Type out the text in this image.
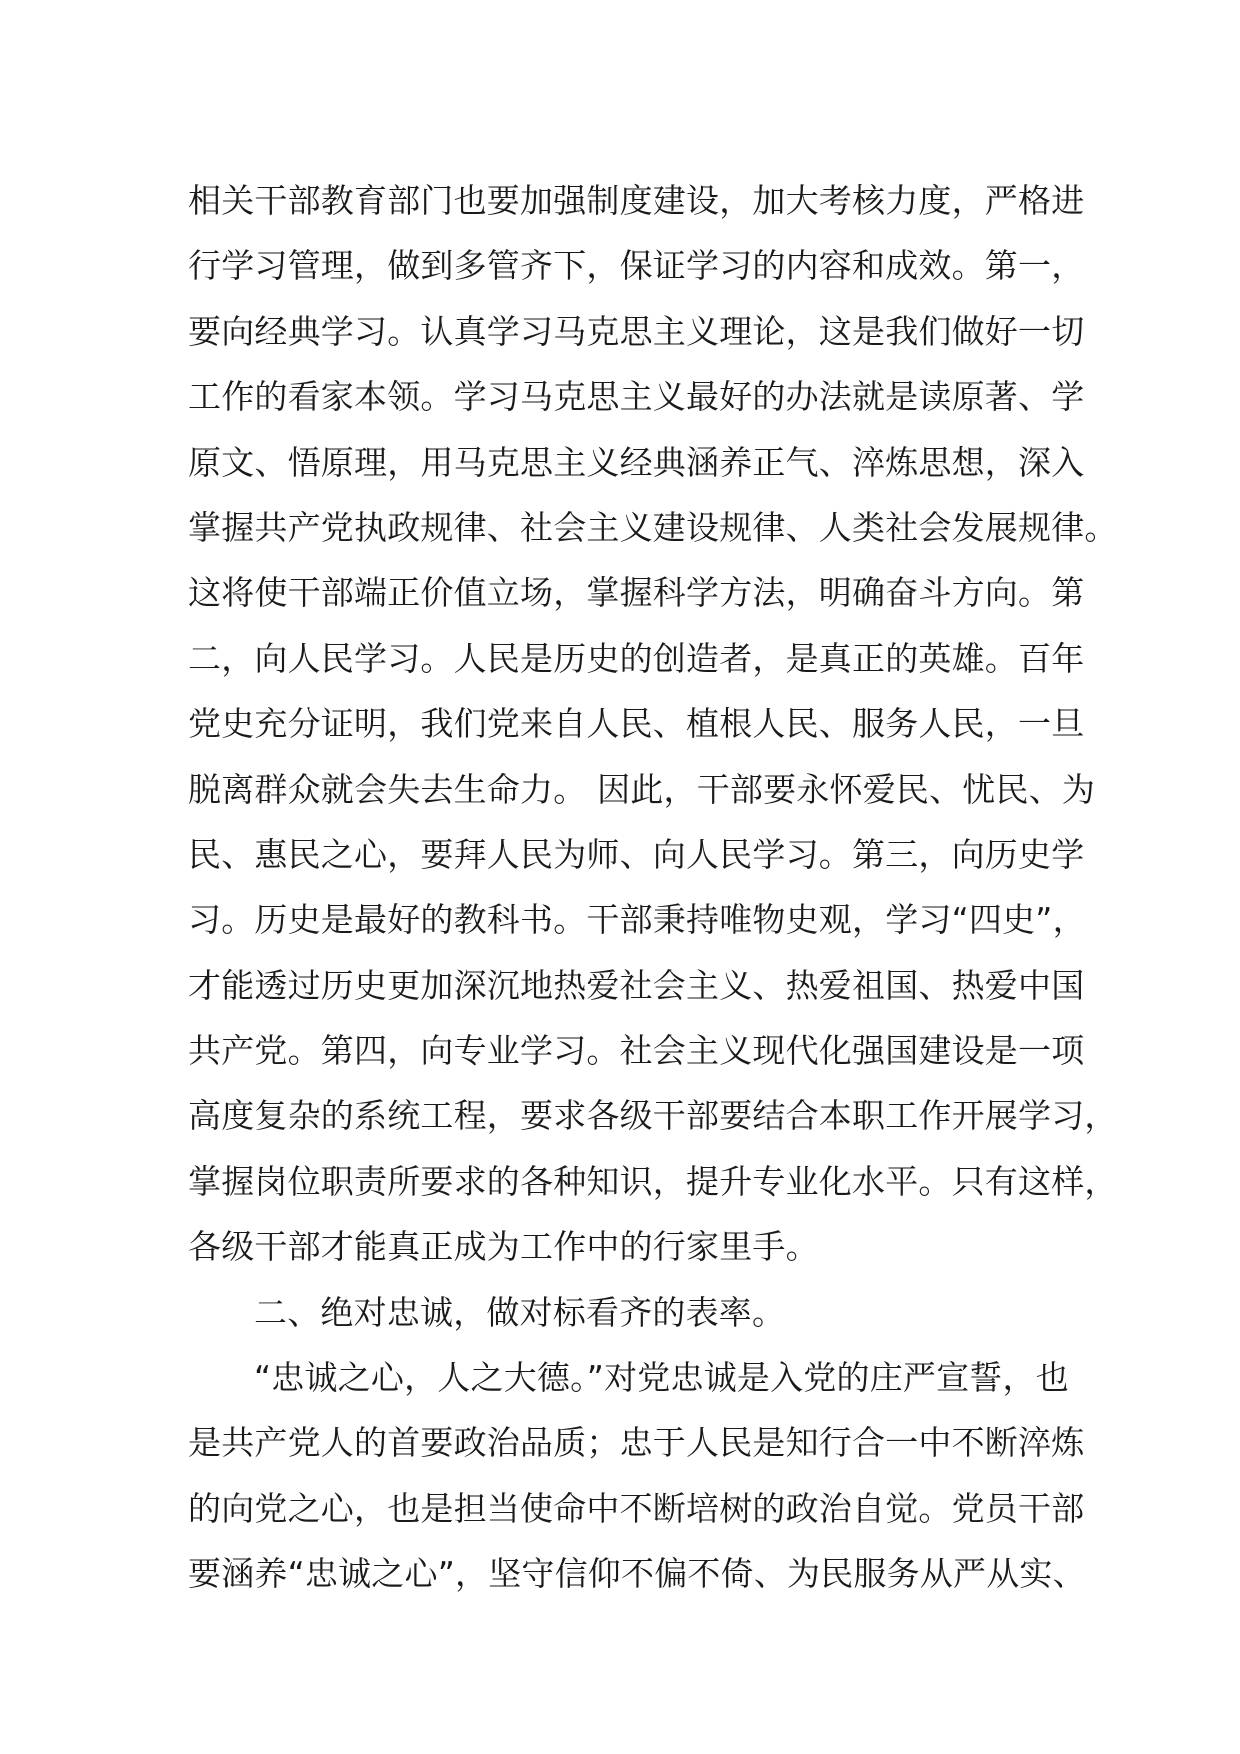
相关干部教育部门也要加强制度建设，加大考核力度，严格进
行学习管理，做到多管齐下，保证学习的内容和成效。第一，
要向经典学习。认真学习马克思主义理论，这是我们做好一切
工作的看家本领。学习马克思主义最好的办法就是读原著、学
原文、悟原理，用马克思主义经典涵养正气、淬炼思想，深入
掌握共产党执政规律、社会主义建设规律、人类社会发展规律。
这将使干部端正价值立场，掌握科学方法，明确奋斗方向。第
二，向人民学习。人民是历史的创造者，是真正的英雄。百年
党史充分证明，我们党来自人民、植根人民、服务人民，一旦
脱离群众就会失去生命力。 因此，干部要永怀爱民、忧民、为
民、惠民之心，要拜人民为师、向人民学习。第三，向历史学
习。历史是最好的教科书。干部秉持唯物史观，学习“四史”，
才能透过历史更加深沉地热爱社会主义、热爱祖国、热爱中国
共产党。第四，向专业学习。社会主义现代化强国建设是一项
高度复杂的系统工程，要求各级干部要结合本职工作开展学习，
掌握岗位职责所要求的各种知识，提升专业化水平。只有这样，
各级干部才能真正成为工作中的行家里手。
二、绝对忠诚，做对标看齐的表率。
“忠诚之心，人之大德。”对党忠诚是入党的庄严宣誓，也
是共产党人的首要政治品质；忠于人民是知行合一中不断淬炼
的向党之心，也是担当使命中不断培树的政治自觉。党员干部
要涵养“忠诚之心”，坚守信仰不偏不倚、为民服务从严从实、
